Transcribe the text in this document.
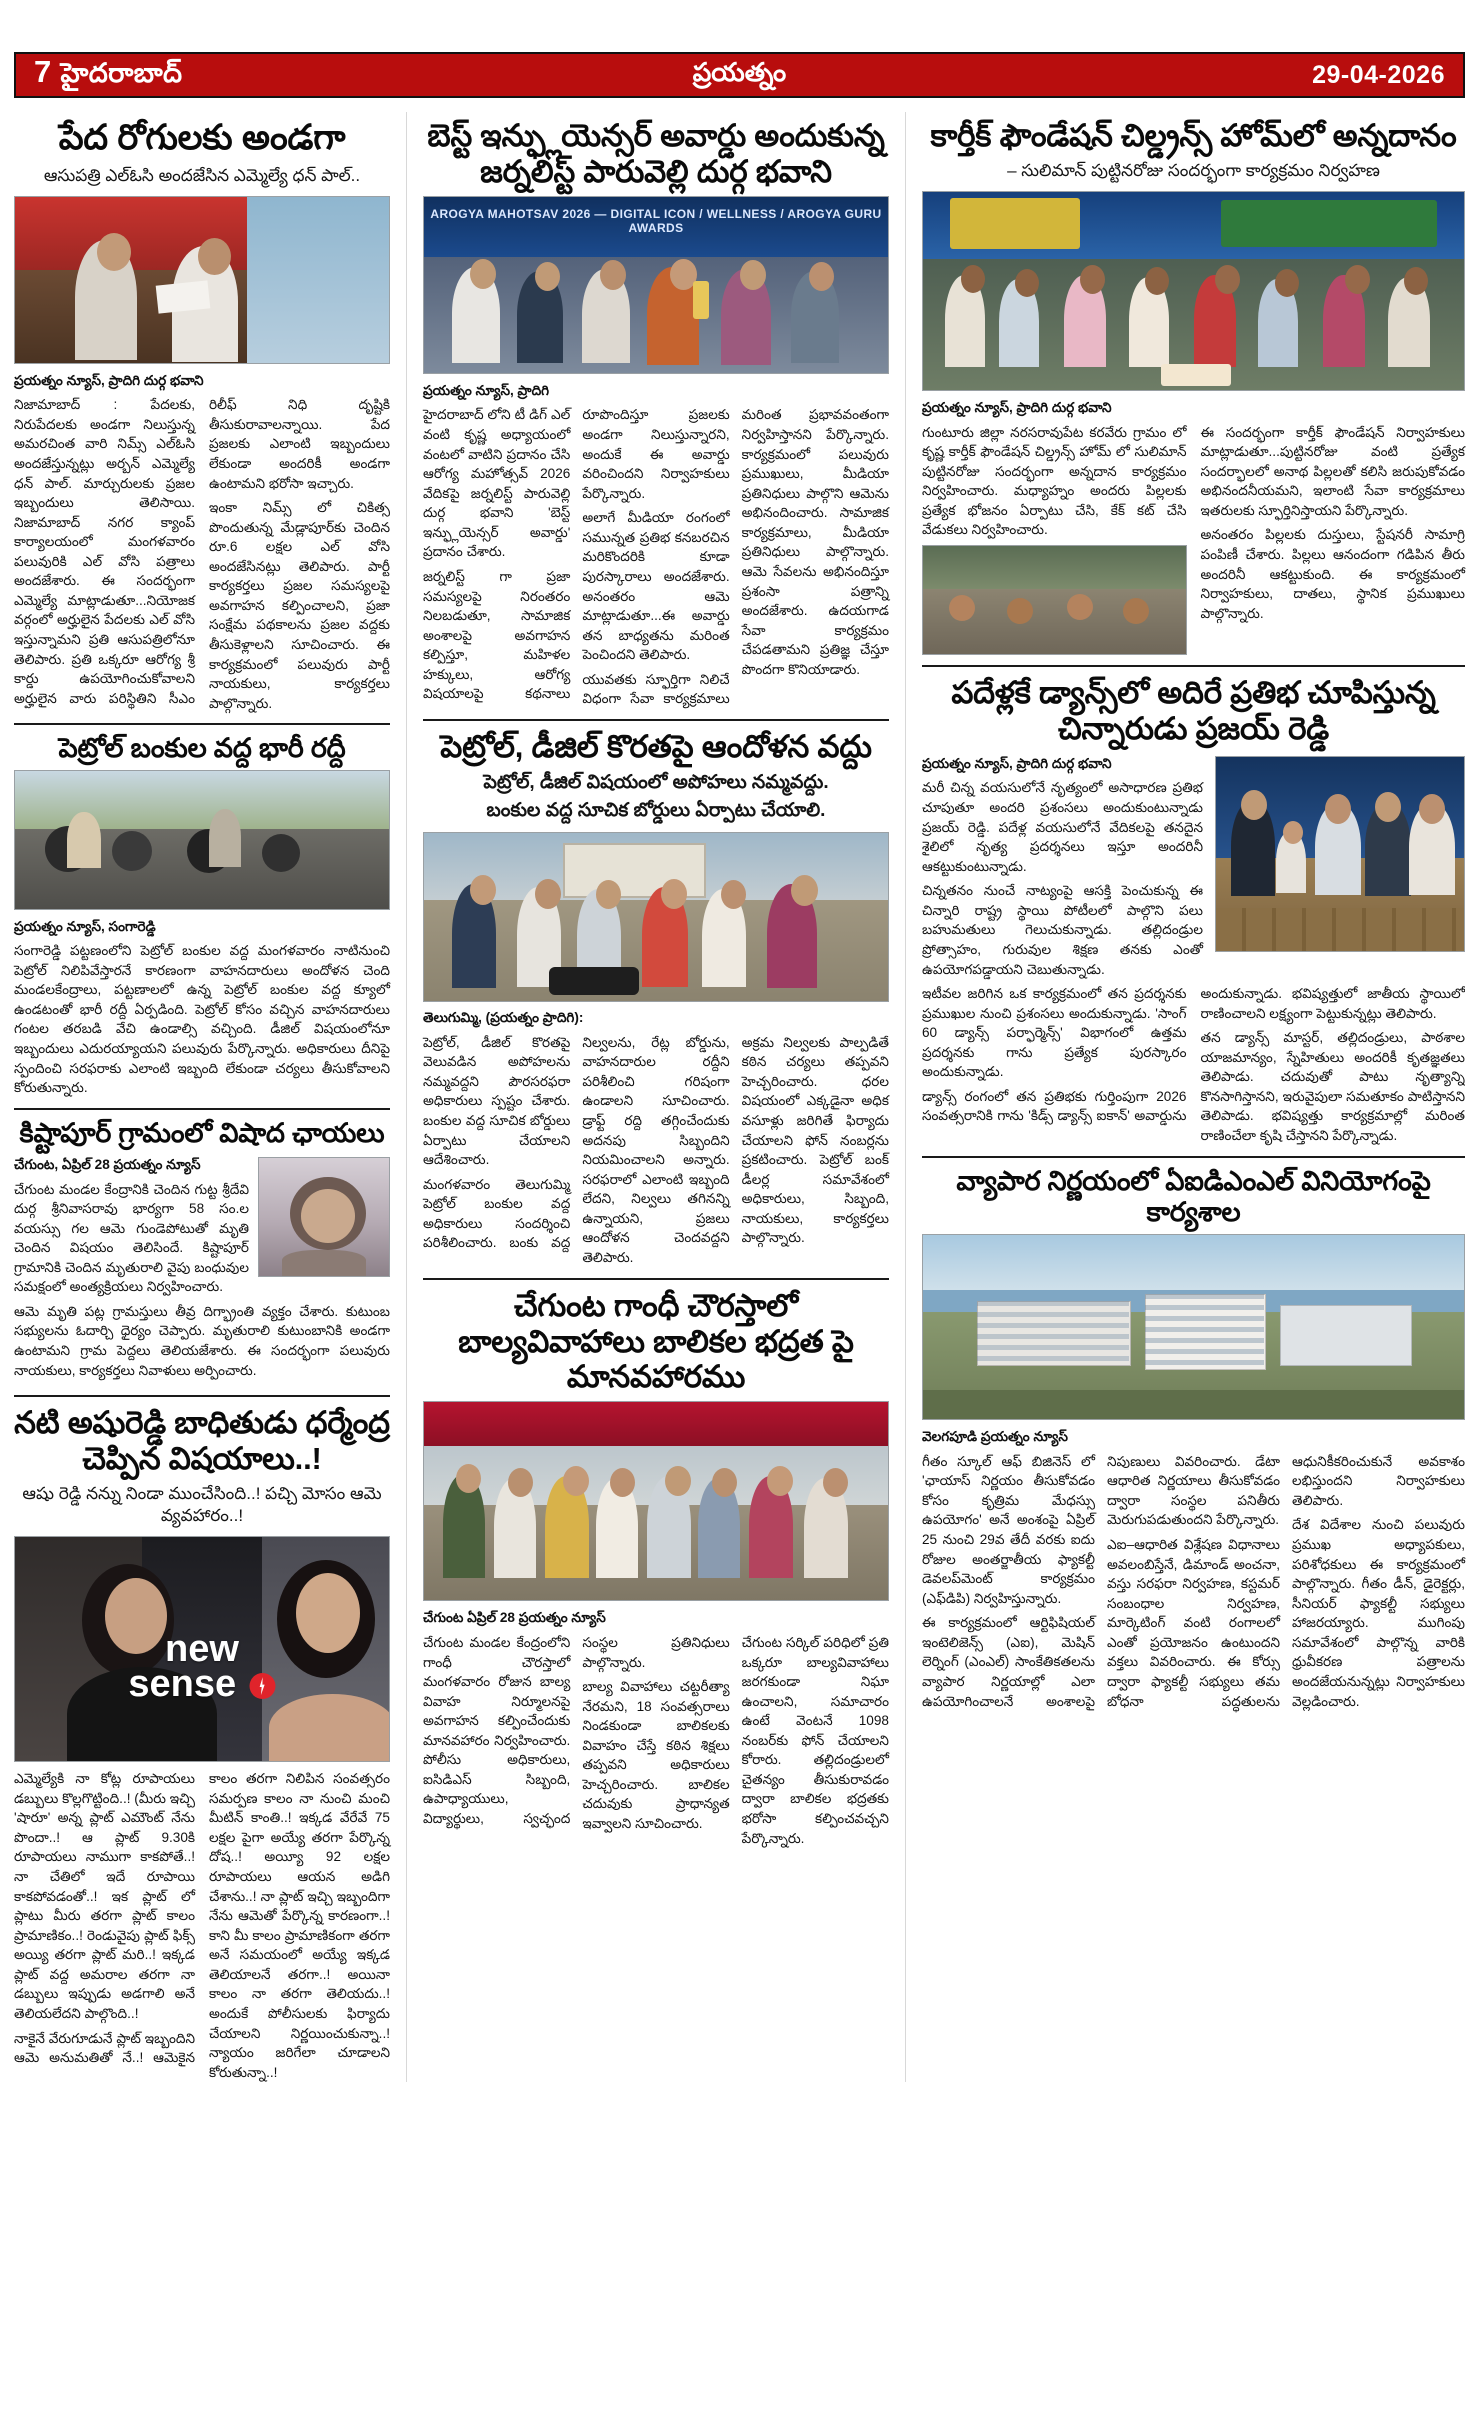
7 హైదరాబాద్	ప్రయత్నం	29-04-2026
పేద రోగులకు అండగా
ఆసుపత్రి ఎల్ఓసి అందజేసిన ఎమ్మెల్యే ధన్ పాల్..

ప్రయత్నం న్యూస్, ప్రాదిగి దుర్గ భవాని

నిజామాబాద్ : పేదలకు, నిరుపేదలకు అండగా నిలుస్తున్న అమరచింత వారి నిమ్స్ ఎల్ఓసి అందజేస్తున్నట్లు అర్బన్ ఎమ్మెల్యే ధన్ పాల్. మార్చురులకు ప్రజల ఇబ్బందులు తెలిసాయి. నిజామాబాద్ నగర క్యాంప్ కార్యాలయంలో మంగళవారం పలువురికి ఎల్ వోసి పత్రాలు అందజేశారు. ఈ సందర్భంగా ఎమ్మెల్యే మాట్లాడుతూ...నియోజక వర్గంలో అర్హులైన పేదలకు ఎల్ వోసి ఇస్తున్నామని ప్రతి ఆసుపత్రిలోనూ తెలిపారు. ప్రతి ఒక్కరూ ఆరోగ్య శ్రీ కార్డు ఉపయోగించుకోవాలని అర్హులైన వారు పరిస్థితిని సీఎం రిలీఫ్ నిధి దృష్టికి తీసుకురావాలన్నాయి. పేద ప్రజలకు ఎలాంటి ఇబ్బందులు లేకుండా అందరికీ అండగా ఉంటామని భరోసా ఇచ్చారు.

ఇంకా నిమ్స్ లో చికిత్స పొందుతున్న మేడ్లాపూర్‌కు చెందిన రూ.6 లక్షల ఎల్ వోసి అందజేసినట్లు తెలిపారు. పార్టీ కార్యకర్తలు ప్రజల సమస్యలపై అవగాహన కల్పించాలని, ప్రజా సంక్షేమ పథకాలను ప్రజల వద్దకు తీసుకెళ్లాలని సూచించారు. ఈ కార్యక్రమంలో పలువురు పార్టీ నాయకులు, కార్యకర్తలు పాల్గొన్నారు.

పెట్రోల్ బంకుల వద్ద భారీ రద్దీ

ప్రయత్నం న్యూస్, సంగారెడ్డి

సంగారెడ్డి పట్టణంలోని పెట్రోల్ బంకుల వద్ద మంగళవారం నాటినుంచి పెట్రోల్ నిలిపివేస్తారనే కారణంగా వాహనదారులు అందోళన చెంది మండలకేంద్రాలు, పట్టణాలలో ఉన్న పెట్రోల్ బంకుల వద్ద క్యూలో ఉండటంతో భారీ రద్దీ ఏర్పడింది. పెట్రోల్ కోసం వచ్చిన వాహనదారులు గంటల తరబడి వేచి ఉండాల్సి వచ్చింది. డీజిల్ విషయంలోనూ ఇబ్బందులు ఎదురయ్యాయని పలువురు పేర్కొన్నారు. అధికారులు దీనిపై స్పందించి సరఫరాకు ఎలాంటి ఇబ్బంది లేకుండా చర్యలు తీసుకోవాలని కోరుతున్నారు.

కిష్టాపూర్ గ్రామంలో విషాద ఛాయలు

చేగుంట, ఏప్రిల్ 28 ప్రయత్నం న్యూస్

చేగుంట మండల కేంద్రానికి చెందిన గుట్ట శ్రీదేవి దుర్గ శ్రీనివాసరావు భార్యగా 58 సం.ల వయస్సు గల ఆమె గుండెపోటుతో మృతి చెందిన విషయం తెలిసిందే. కిష్టాపూర్ గ్రామానికి చెందిన మృతురాలి వైపు బంధువుల సమక్షంలో అంత్యక్రియలు నిర్వహించారు.

ఆమె మృతి పట్ల గ్రామస్తులు తీవ్ర దిగ్భ్రాంతి వ్యక్తం చేశారు. కుటుంబ సభ్యులను ఓదార్చి ధైర్యం చెప్పారు. మృతురాలి కుటుంబానికి అండగా ఉంటామని గ్రామ పెద్దలు తెలియజేశారు. ఈ సందర్భంగా పలువురు నాయకులు, కార్యకర్తలు నివాళులు అర్పించారు.

నటి అషురెడ్డి బాధితుడు ధర్మేంద్ర చెప్పిన విషయాలు..!
ఆషు రెడ్డి నన్ను నిండా ముంచేసింది..! పచ్చి మోసం ఆమె వ్యవహారం..!
new sense

ఎమ్మెల్యేకి నా కోట్ల రూపాయలు డబ్బులు కొల్లగొట్టింది..! (మీరు ఇచ్చి 'షారూ' అన్న ప్లాట్ ఎమౌంట్ నేను పొందా..! ఆ ప్లాట్ 9.30కి రూపాయలు నాముగా కాకపోతే..! నా చేతిలో ఇదే రూపాయి కాకపోవడంతో..! ఇక ప్లాట్ లో ప్లాటు మీరు తరగా ప్లాట్ కాలం ప్రామాణికం..! రెండువైపు ప్లాట్ ఫిక్స్ అయ్యి తరగా ప్లాట్ మరి..! ఇక్కడ ప్లాట్ వద్ద అమరాల తరగా నా డబ్బులు ఇప్పుడు అడగాలి అనే తెలియలేదని పాల్గొంది..!

నాకైనే వేరుగూడునే ప్లాట్ ఇబ్బందిని ఆమె అనుమతితో నే..! ఆమెకైన కాలం తరగా నిలిపిన సంవత్సరం సమర్పణ కాలం నా నుంచి మంచి మీటిన్ కాంతి..! ఇక్కడ వేరేవే 75 లక్షల పైగా అయ్యే తరగా పేర్కొన్న దోష..! అయ్యీ 92 లక్షల రూపాయలు ఆయన అడిగి చేశాను..! నా ప్లాట్ ఇచ్చి ఇబ్బందిగా నేను ఆమెతో పేర్కొన్న కారణంగా..! కాని మీ కాలం ప్రామాణికంగా తరగా అనే సమయంలో అయ్యే ఇక్కడ తెలియాలనే తరగా..! అయినా కాలం నా తరగా తెలియదు..! అందుకే పోలీసులకు ఫిర్యాదు చేయాలని నిర్ణయించుకున్నా..! న్యాయం జరిగేలా చూడాలని కోరుతున్నా..!

బెస్ట్ ఇన్ఫ్లుయెన్సర్ అవార్డు అందుకున్న జర్నలిస్ట్ పారువెల్లి దుర్గ భవాని
AROGYA MAHOTSAV 2026 — DIGITAL ICON / WELLNESS / AROGYA GURU AWARDS

ప్రయత్నం న్యూస్, ప్రాదిగి

హైదరాబాద్ లోని టీ డిగ్ ఎల్ వంటి కృష్ణ అధ్యాయంలో వంటలో వాటిని ప్రదానం చేసి ఆరోగ్య మహోత్సవ్ 2026 వేదికపై జర్నలిస్ట్ పారువెల్లి దుర్గ భవాని 'బెస్ట్ ఇన్ఫ్లుయెన్సర్ అవార్డు' ప్రదానం చేశారు.

జర్నలిస్ట్ గా ప్రజా సమస్యలపై నిరంతరం నిలబడుతూ, సామాజిక అంశాలపై అవగాహన కల్పిస్తూ, మహిళల హక్కులు, ఆరోగ్య విషయాలపై కథనాలు రూపొందిస్తూ ప్రజలకు అండగా నిలుస్తున్నారని, అందుకే ఈ అవార్డు వరించిందని నిర్వాహకులు పేర్కొన్నారు.

అలాగే మీడియా రంగంలో సమున్నత ప్రతిభ కనబరచిన మరికొందరికి కూడా పురస్కారాలు అందజేశారు. అనంతరం ఆమె మాట్లాడుతూ...ఈ అవార్డు తన బాధ్యతను మరింత పెంచిందని తెలిపారు.

యువతకు స్ఫూర్తిగా నిలిచే విధంగా సేవా కార్యక్రమాలు మరింత ప్రభావవంతంగా నిర్వహిస్తానని పేర్కొన్నారు. కార్యక్రమంలో పలువురు ప్రముఖులు, మీడియా ప్రతినిధులు పాల్గొని ఆమెను అభినందించారు. సామాజిక కార్యక్రమాలు, మీడియా ప్రతినిధులు పాల్గొన్నారు. ఆమె సేవలను అభినందిస్తూ ప్రశంసా పత్రాన్ని అందజేశారు. ఉదయగాడ సేవా కార్యక్రమం చేపడతామని ప్రతిజ్ఞ చేస్తూ పొందగా కొనియాడారు.

పెట్రోల్, డీజిల్ కొరతపై ఆందోళన వద్దు
పెట్రోల్, డీజిల్ విషయంలో అపోహలు నమ్మవద్దు.
బంకుల వద్ద సూచిక బోర్డులు ఏర్పాటు చేయాలి.

తెలుగుమ్మి, (ప్రయత్నం ప్రాదిగి):

పెట్రోల్, డీజిల్ కొరతపై వెలువడిన అపోహలను నమ్మవద్దని పౌరసరఫరా అధికారులు స్పష్టం చేశారు. బంకుల వద్ద సూచిక బోర్డులు ఏర్పాటు చేయాలని ఆదేశించారు.

మంగళవారం తెలుగుమ్మి పెట్రోల్ బంకుల వద్ద అధికారులు సందర్శించి పరిశీలించారు. బంకు వద్ద నిల్వలను, రేట్ల బోర్డును, వాహనదారుల రద్దీని పరిశీలించి గరిషంగా ఉండాలని సూచించారు. డ్రాఫ్ట్ రద్ది తగ్గించేందుకు అదనపు సిబ్బందిని నియమించాలని అన్నారు. సరఫరాలో ఎలాంటి ఇబ్బంది లేదని, నిల్వలు తగినన్ని ఉన్నాయని, ప్రజలు ఆందోళన చెందవద్దని తెలిపారు.

అక్రమ నిల్వలకు పాల్పడితే కఠిన చర్యలు తప్పవని హెచ్చరించారు. ధరల విషయంలో ఎక్కడైనా అధిక వసూళ్లు జరిగితే ఫిర్యాదు చేయాలని ఫోన్ నంబర్లను ప్రకటించారు. పెట్రోల్ బంక్ డీలర్ల సమావేశంలో అధికారులు, సిబ్బంది, నాయకులు, కార్యకర్తలు పాల్గొన్నారు.

చేగుంట గాంధీ చౌరస్తాలో బాల్యవివాహాలు బాలికల భద్రత పై మానవహారము

చేగుంట ఏప్రిల్ 28 ప్రయత్నం న్యూస్

చేగుంట మండల కేంద్రంలోని గాంధీ చౌరస్తాలో మంగళవారం రోజున బాల్య వివాహ నిర్మూలనపై అవగాహన కల్పించేందుకు మానవహారం నిర్వహించారు. పోలీసు అధికారులు, ఐసిడిఎస్ సిబ్బంది, ఉపాధ్యాయులు, విద్యార్థులు, స్వచ్ఛంద సంస్థల ప్రతినిధులు పాల్గొన్నారు.

బాల్య వివాహాలు చట్టరీత్యా నేరమని, 18 సంవత్సరాలు నిండకుండా బాలికలకు వివాహం చేస్తే కఠిన శిక్షలు తప్పవని అధికారులు హెచ్చరించారు. బాలికల చదువుకు ప్రాధాన్యత ఇవ్వాలని సూచించారు.

చేగుంట సర్కిల్ పరిధిలో ప్రతి ఒక్కరూ బాల్యవివాహాలు జరగకుండా నిఘా ఉంచాలని, సమాచారం ఉంటే వెంటనే 1098 నంబర్‌కు ఫోన్ చేయాలని కోరారు. తల్లిదండ్రులలో చైతన్యం తీసుకురావడం ద్వారా బాలికల భద్రతకు భరోసా కల్పించవచ్చని పేర్కొన్నారు.

కార్తీక్ ఫౌండేషన్ చిల్డ్రన్స్ హోమ్‌లో అన్నదానం
– సులిమాన్ పుట్టినరోజు సందర్భంగా కార్యక్రమం నిర్వహణ

ప్రయత్నం న్యూస్, ప్రాదిగి దుర్గ భవాని

గుంటూరు జిల్లా నరసరావుపేట కరవేరు గ్రామం లో కృష్ణ కార్తీక్ ఫౌండేషన్ చిల్డ్రన్స్ హోమ్ లో సులిమాన్ పుట్టినరోజు సందర్భంగా అన్నదాన కార్యక్రమం నిర్వహించారు. మధ్యాహ్నం అందరు పిల్లలకు ప్రత్యేక భోజనం ఏర్పాటు చేసి, కేక్ కట్ చేసి వేడుకలు నిర్వహించారు.

ఈ సందర్భంగా కార్తీక్ ఫౌండేషన్ నిర్వాహకులు మాట్లాడుతూ...పుట్టినరోజు వంటి ప్రత్యేక సందర్భాలలో అనాథ పిల్లలతో కలిసి జరుపుకోవడం అభినందనీయమని, ఇలాంటి సేవా కార్యక్రమాలు ఇతరులకు స్ఫూర్తినిస్తాయని పేర్కొన్నారు.

అనంతరం పిల్లలకు దుస్తులు, స్టేషనరీ సామాగ్రి పంపిణీ చేశారు. పిల్లలు ఆనందంగా గడిపిన తీరు అందరినీ ఆకట్టుకుంది. ఈ కార్యక్రమంలో నిర్వాహకులు, దాతలు, స్థానిక ప్రముఖులు పాల్గొన్నారు.

పదేళ్లకే డ్యాన్స్‌లో అదిరే ప్రతిభ చూపిస్తున్న చిన్నారుడు ప్రజయ్ రెడ్డి

ప్రయత్నం న్యూస్, ప్రాదిగి దుర్గ భవాని

మరీ చిన్న వయసులోనే నృత్యంలో అసాధారణ ప్రతిభ చూపుతూ అందరి ప్రశంసలు అందుకుంటున్నాడు ప్రజయ్ రెడ్డి. పదేళ్ల వయసులోనే వేదికలపై తనదైన శైలిలో నృత్య ప్రదర్శనలు ఇస్తూ అందరినీ ఆకట్టుకుంటున్నాడు.

చిన్నతనం నుంచే నాట్యంపై ఆసక్తి పెంచుకున్న ఈ చిన్నారి రాష్ట్ర స్థాయి పోటీలలో పాల్గొని పలు బహుమతులు గెలుచుకున్నాడు. తల్లిదండ్రుల ప్రోత్సాహం, గురువుల శిక్షణ తనకు ఎంతో ఉపయోగపడ్డాయని చెబుతున్నాడు.

ఇటీవల జరిగిన ఒక కార్యక్రమంలో తన ప్రదర్శనకు ప్రముఖుల నుంచి ప్రశంసలు అందుకున్నాడు. 'సాంగ్ 60 డ్యాన్స్ పర్ఫార్మెన్స్' విభాగంలో ఉత్తమ ప్రదర్శనకు గాను ప్రత్యేక పురస్కారం అందుకున్నాడు.

డ్యాన్స్ రంగంలో తన ప్రతిభకు గుర్తింపుగా 2026 సంవత్సరానికి గాను 'కిడ్స్ డ్యాన్స్ ఐకాన్' అవార్డును అందుకున్నాడు. భవిష్యత్తులో జాతీయ స్థాయిలో రాణించాలని లక్ష్యంగా పెట్టుకున్నట్లు తెలిపారు.

తన డ్యాన్స్ మాస్టర్, తల్లిదండ్రులు, పాఠశాల యాజమాన్యం, స్నేహితులు అందరికీ కృతజ్ఞతలు తెలిపాడు. చదువుతో పాటు నృత్యాన్ని కొనసాగిస్తానని, ఇరువైపులా సమతూకం పాటిస్తానని తెలిపాడు. భవిష్యత్తు కార్యక్రమాల్లో మరింత రాణించేలా కృషి చేస్తానని పేర్కొన్నాడు.

వ్యాపార నిర్ణయంలో ఏఐడిఎంఎల్ వినియోగంపై కార్యశాల

వెలగపూడి ప్రయత్నం న్యూస్

గీతం స్కూల్ ఆఫ్ బిజినెస్ లో 'ఛాయాస్ నిర్ణయం తీసుకోవడం కోసం కృత్రిమ మేధస్సు ఉపయోగం' అనే అంశంపై ఏప్రిల్ 25 నుంచి 29వ తేదీ వరకు ఐదు రోజుల అంతర్జాతీయ ఫ్యాకల్టీ డెవలప్‌మెంట్ కార్యక్రమం (ఎఫ్‌డిపి) నిర్వహిస్తున్నారు.

ఈ కార్యక్రమంలో ఆర్టిఫిషియల్ ఇంటెలిజెన్స్ (ఎఐ), మెషిన్ లెర్నింగ్ (ఎంఎల్) సాంకేతికతలను వ్యాపార నిర్ణయాల్లో ఎలా ఉపయోగించాలనే అంశాలపై నిపుణులు వివరించారు. డేటా ఆధారిత నిర్ణయాలు తీసుకోవడం ద్వారా సంస్థల పనితీరు మెరుగుపడుతుందని పేర్కొన్నారు.

ఎఐ–ఆధారిత విశ్లేషణ విధానాలు అవలంబిస్తేనే, డిమాండ్ అంచనా, వస్తు సరఫరా నిర్వహణ, కస్టమర్ సంబంధాల నిర్వహణ, మార్కెటింగ్ వంటి రంగాలలో ఎంతో ప్రయోజనం ఉంటుందని వక్తలు వివరించారు. ఈ కోర్సు ద్వారా ఫ్యాకల్టీ సభ్యులు తమ బోధనా పద్ధతులను ఆధునికీకరించుకునే అవకాశం లభిస్తుందని నిర్వాహకులు తెలిపారు.

దేశ విదేశాల నుంచి పలువురు ప్రముఖ అధ్యాపకులు, పరిశోధకులు ఈ కార్యక్రమంలో పాల్గొన్నారు. గీతం డీన్, డైరెక్టర్లు, సీనియర్ ఫ్యాకల్టీ సభ్యులు హాజరయ్యారు. ముగింపు సమావేశంలో పాల్గొన్న వారికి ధ్రువీకరణ పత్రాలను అందజేయనున్నట్లు నిర్వాహకులు వెల్లడించారు.
